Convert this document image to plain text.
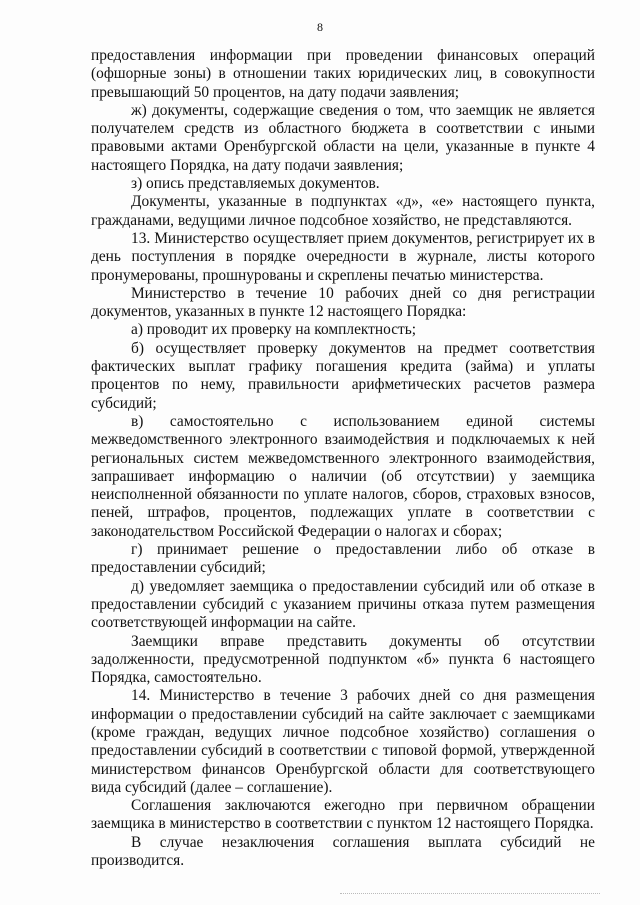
8

предоставления информации при проведении финансовых операций (офшорные зоны) в отношении таких юридических лиц, в совокупности превышающий 50 процентов, на дату подачи заявления;

ж) документы, содержащие сведения о том, что заемщик не является получателем средств из областного бюджета в соответствии с иными правовыми актами Оренбургской области на цели, указанные в пункте 4 настоящего Порядка, на дату подачи заявления;

з) опись представляемых документов.

Документы, указанные в подпунктах «д», «е» настоящего пункта, гражданами, ведущими личное подсобное хозяйство, не представляются.

13. Министерство осуществляет прием документов, регистрирует их в день поступления в порядке очередности в журнале, листы которого пронумерованы, прошнурованы и скреплены печатью министерства.

Министерство в течение 10 рабочих дней со дня регистрации документов, указанных в пункте 12 настоящего Порядка:

а) проводит их проверку на комплектность;

б) осуществляет проверку документов на предмет соответствия фактических выплат графику погашения кредита (займа) и уплаты процентов по нему, правильности арифметических расчетов размера субсидий;

в) самостоятельно с использованием единой системы межведомственного электронного взаимодействия и подключаемых к ней региональных систем межведомственного электронного взаимодействия, запрашивает информацию о наличии (об отсутствии) у заемщика неисполненной обязанности по уплате налогов, сборов, страховых взносов, пеней, штрафов, процентов, подлежащих уплате в соответствии с законодательством Российской Федерации о налогах и сборах;

г) принимает решение о предоставлении либо об отказе в предоставлении субсидий;

д) уведомляет заемщика о предоставлении субсидий или об отказе в предоставлении субсидий с указанием причины отказа путем размещения соответствующей информации на сайте.

Заемщики вправе представить документы об отсутствии задолженности, предусмотренной подпунктом «б» пункта 6 настоящего Порядка, самостоятельно.

14. Министерство в течение 3 рабочих дней со дня размещения информации о предоставлении субсидий на сайте заключает с заемщиками (кроме граждан, ведущих личное подсобное хозяйство) соглашения о предоставлении субсидий в соответствии с типовой формой, утвержденной министерством финансов Оренбургской области для соответствующего вида субсидий (далее – соглашение).

Соглашения заключаются ежегодно при первичном обращении заемщика в министерство в соответствии с пунктом 12 настоящего Порядка.

В случае незаключения соглашения выплата субсидий не производится.
